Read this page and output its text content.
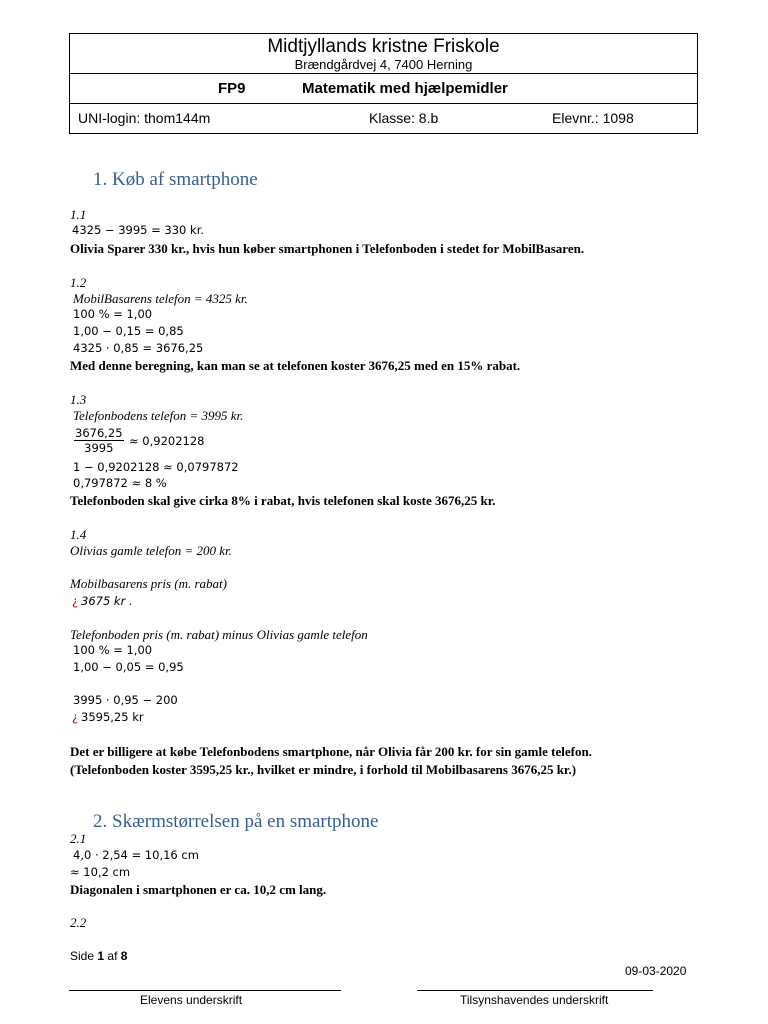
Midtjyllands kristne Friskole
Brændgårdvej 4, 7400 Herning
FP9	Matematik med hjælpemidler
UNI-login: thom144m	Klasse: 8.b	Elevnr.: 1098
1. Køb af smartphone
1.1
4325 − 3995 = 330 kr.
Olivia Sparer 330 kr., hvis hun køber smartphonen i Telefonboden i stedet for MobilBasaren.
1.2
MobilBasarens telefon = 4325 kr.
100 % = 1,00
1,00 − 0,15 = 0,85
4325 · 0,85 = 3676,25
Med denne beregning, kan man se at telefonen koster 3676,25 med en 15% rabat.
1.3
Telefonbodens telefon = 3995 kr.
$\frac{3676,25}{3995} \approx 0,9202128$
1 − 0,9202128 ≈ 0,0797872
0,797872 ≈ 8 %
Telefonboden skal give cirka 8% i rabat, hvis telefonen skal koste 3676,25 kr.
1.4
Olivias gamle telefon = 200 kr.
Mobilbasarens pris (m. rabat)
¿ 3675 kr .
Telefonboden pris (m. rabat) minus Olivias gamle telefon
100 % = 1,00
1,00 − 0,05 = 0,95
3995 · 0,95 − 200
¿ 3595,25 kr
Det er billigere at købe Telefonbodens smartphone, når Olivia får 200 kr. for sin gamle telefon.
(Telefonboden koster 3595,25 kr., hvilket er mindre, i forhold til Mobilbasarens 3676,25 kr.)
2. Skærmstørrelsen på en smartphone
2.1
4,0 · 2,54 = 10,16 cm
≈ 10,2 cm
Diagonalen i smartphonen er ca. 10,2 cm lang.
2.2
Side 1 af 8
09-03-2020
Elevens underskrift	Tilsynshavendes underskrift
